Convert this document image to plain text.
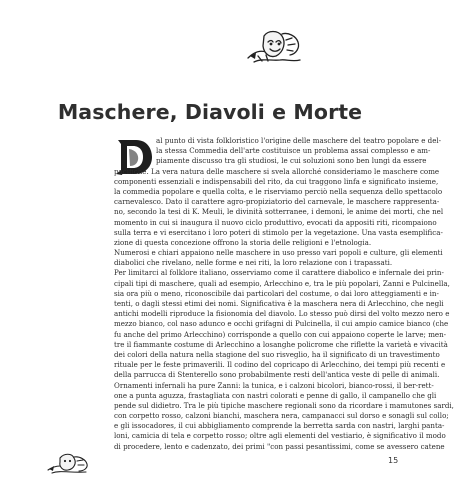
Maschere, Diavoli e Morte
al punto di vista folkloristico l'origine delle maschere del teatro popolare e del-
la stessa Commedia dell'arte costituisce un problema assai complesso e am-
piamente discusso tra gli studiosi, le cui soluzioni sono ben lungi da essere
pacifiche. La vera natura delle maschere si svela allorché consideriamo le maschere come
componenti essenziali e indispensabili del rito, da cui traggono linfa e significato insieme,
la commedia popolare e quella colta, e le riserviamo perciò nella sequenza dello spettacolo
carnevalesco. Dato il carattere agro-propiziatorio del carnevale, le maschere rappresenta-
no, secondo la tesi di K. Meuli, le divinità sotterranee, i demoni, le anime dei morti, che nel
momento in cui si inaugura il nuovo ciclo produttivo, evocati da appositi riti, ricompaiono
sulla terra e vi esercitano i loro poteri di stimolo per la vegetazione. Una vasta esemplifica-
zione di questa concezione offrono la storia delle religioni e l'etnologia.
Numerosi e chiari appaiono nelle maschere in uso presso vari popoli e culture, gli elementi
diabolici che rivelano, nelle forme e nei riti, la loro relazione con i trapassati.
Per limitarci al folklore italiano, osserviamo come il carattere diabolico e infernale dei prin-
cipali tipi di maschere, quali ad esempio, Arlecchino e, tra le più popolari, Zanni e Pulcinella,
sia ora più o meno, riconoscibile dai particolari del costume, o dai loro atteggiamenti e in-
tenti, o dagli stessi etimi dei nomi. Significativa è la maschera nera di Arlecchino, che negli
antichi modelli riproduce la fisionomia del diavolo. Lo stesso può dirsi del volto mezzo nero e
mezzo bianco, col naso adunco e occhi grifagni di Pulcinella, il cui ampio camice bianco (che
fu anche del primo Arlecchino) corrisponde a quello con cui appaiono coperte le larve; men-
tre il fiammante costume di Arlecchino a losanghe policrome che riflette la varietà e vivacità
dei colori della natura nella stagione del suo risveglio, ha il significato di un travestimento
rituale per le feste primaverili. Il codino del copricapo di Arlecchino, dei tempi più recenti e
della parrucca di Stenterello sono probabilmente resti dell'antica veste di pelle di animali.
Ornamenti infernali ha pure Zanni: la tunica, e i calzoni bicolori, bianco-rossi, il ber-rett-
one a punta aguzza, frastagliata con nastri colorati e penne di gallo, il campanello che gli
pende sul didietro. Tra le più tipiche maschere regionali sono da ricordare i mamutones sardi,
con corpetto rosso, calzoni bianchi, maschera nera, campanacci sul dorso e sonagli sul collo;
e gli issocadores, il cui abbigliamento comprende la berretta sarda con nastri, larghi panta-
loni, camicia di tela e corpetto rosso; oltre agli elementi del vestiario, è significativo il modo
di procedere, lento e cadenzato, dei primi "con passi pesantissimi, come se avessero catene
15
